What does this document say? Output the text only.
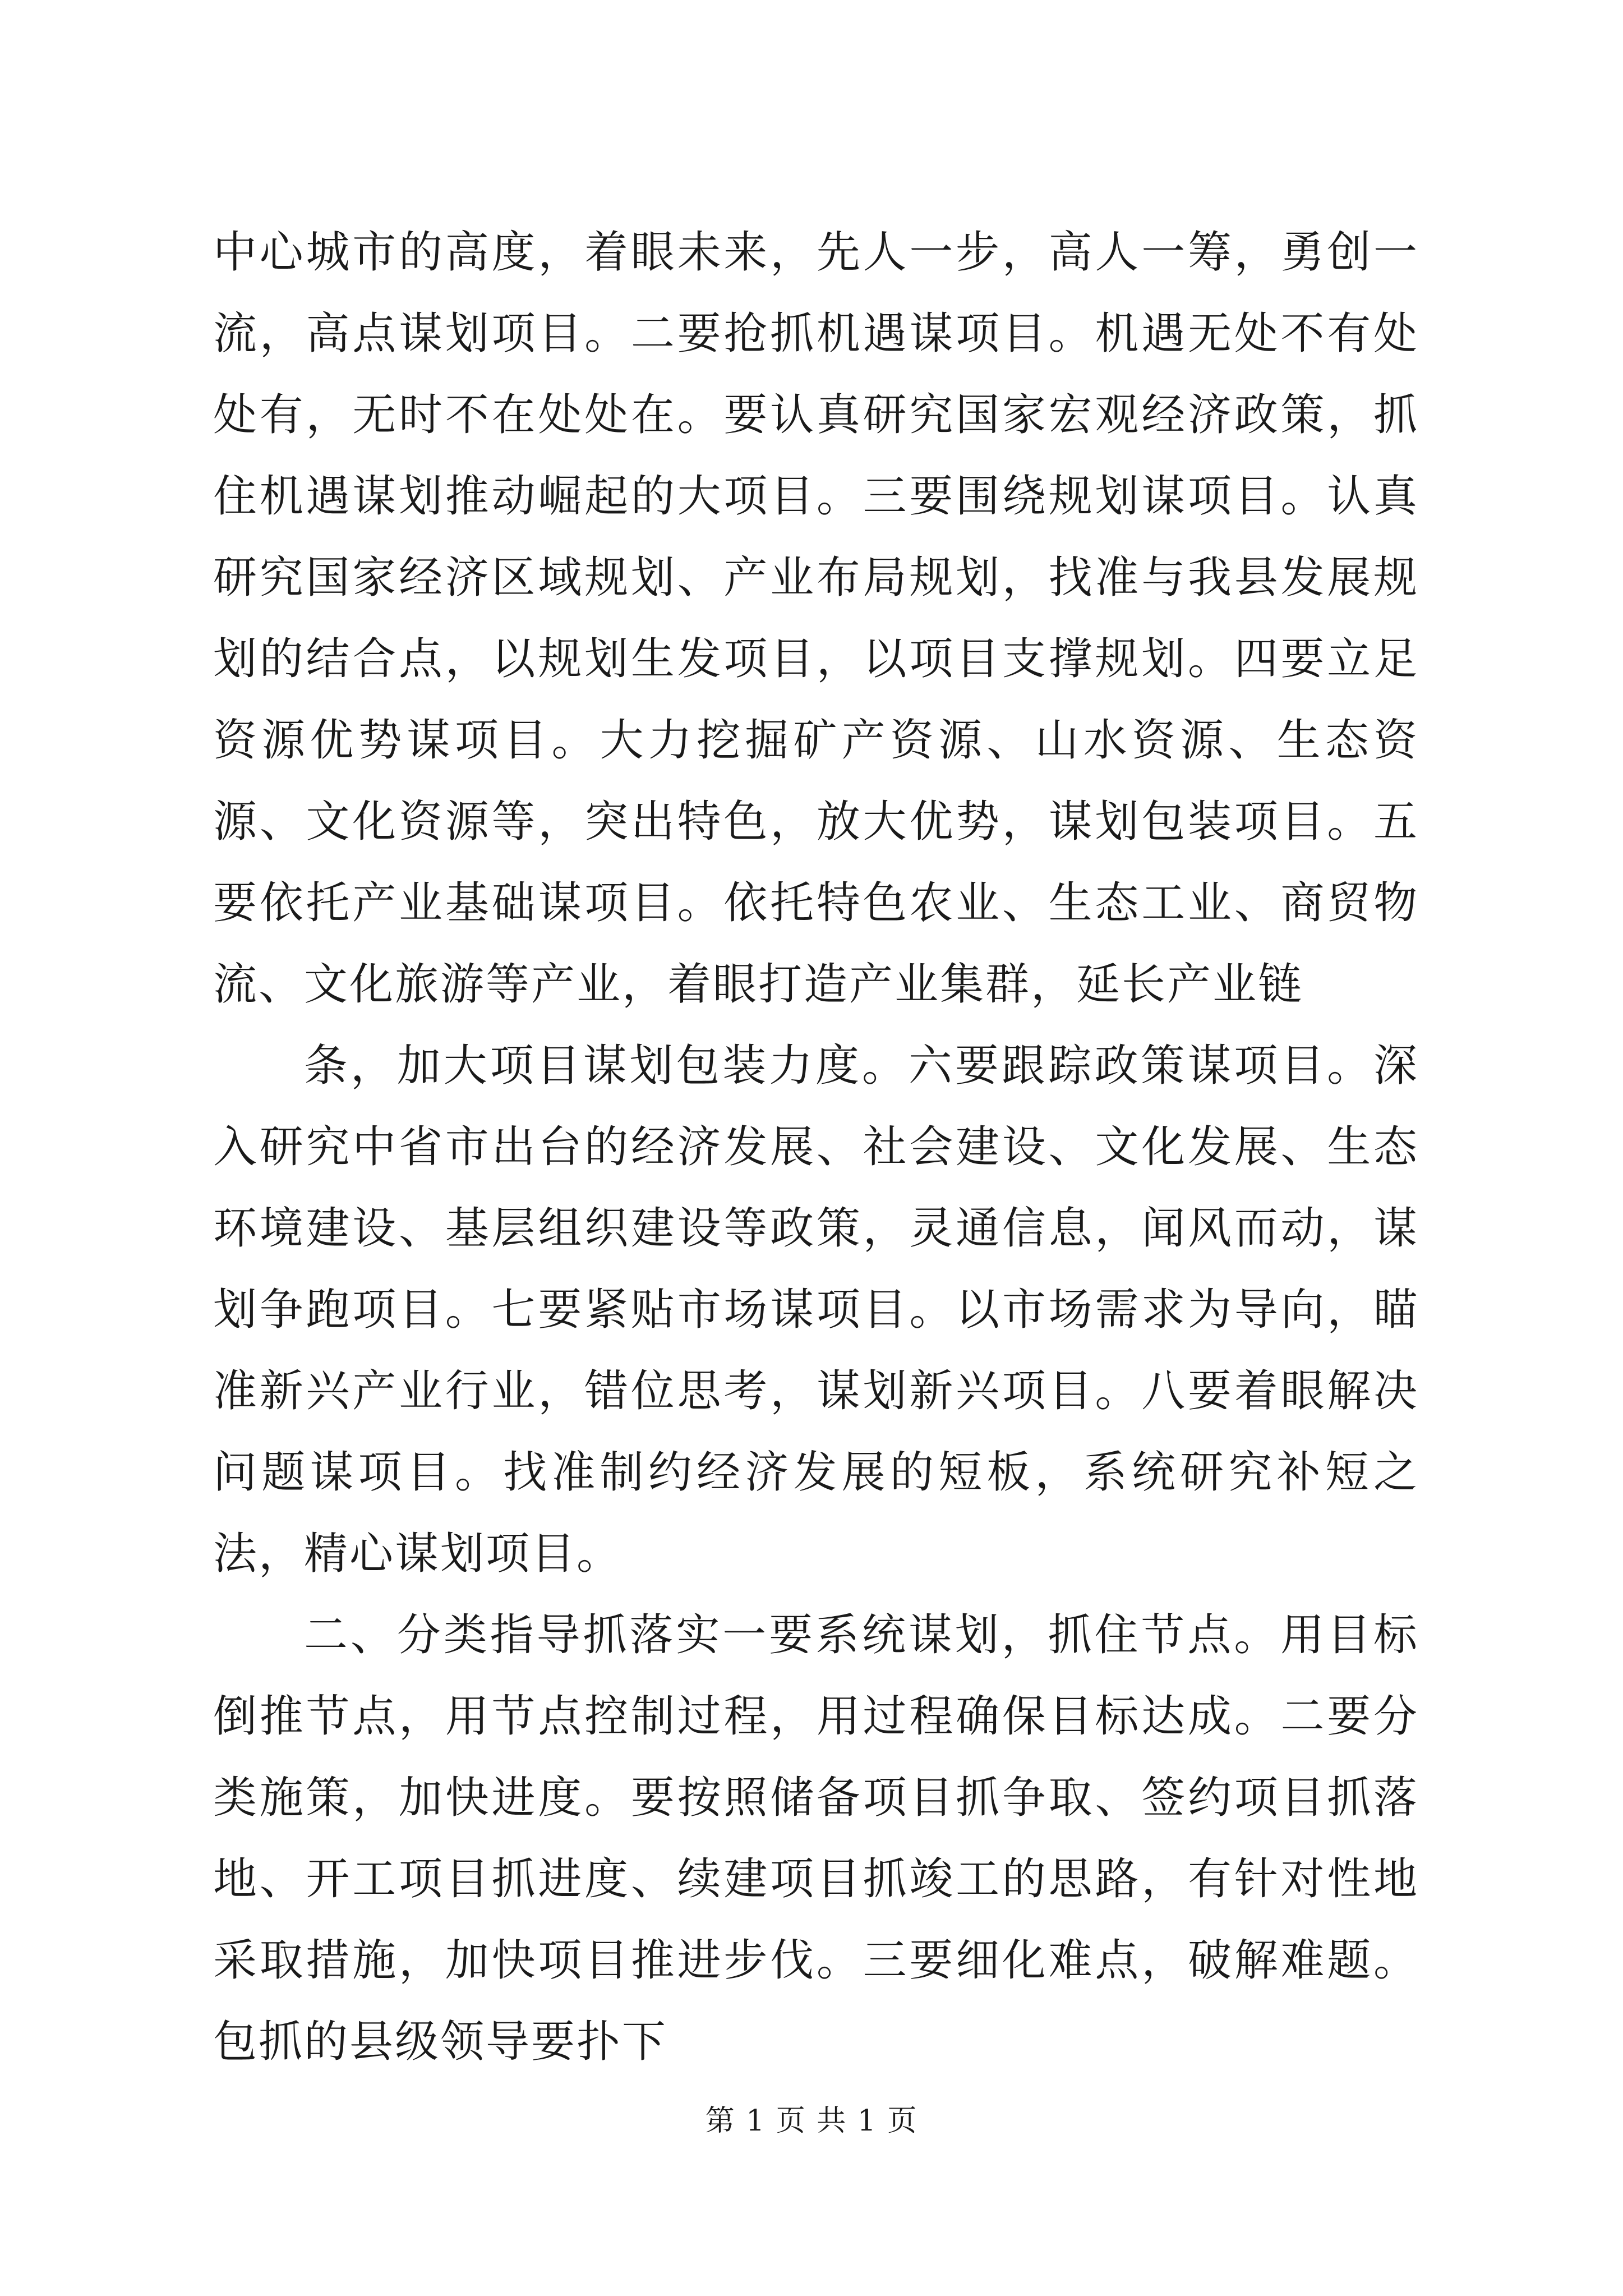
中心城市的高度，着眼未来，先人一步，高人一筹，勇创一流，高点谋划项目。二要抢抓机遇谋项目。机遇无处不有处处有，无时不在处处在。要认真研究国家宏观经济政策，抓住机遇谋划推动崛起的大项目。三要围绕规划谋项目。认真研究国家经济区域规划、产业布局规划，找准与我县发展规划的结合点，以规划生发项目，以项目支撑规划。四要立足资源优势谋项目。大力挖掘矿产资源、山水资源、生态资源、文化资源等，突出特色，放大优势，谋划包装项目。五要依托产业基础谋项目。依托特色农业、生态工业、商贸物流、文化旅游等产业，着眼打造产业集群，延长产业链

条，加大项目谋划包装力度。六要跟踪政策谋项目。深入研究中省市出台的经济发展、社会建设、文化发展、生态环境建设、基层组织建设等政策，灵通信息，闻风而动，谋划争跑项目。七要紧贴市场谋项目。以市场需求为导向，瞄准新兴产业行业，错位思考，谋划新兴项目。八要着眼解决问题谋项目。找准制约经济发展的短板，系统研究补短之法，精心谋划项目。

二、分类指导抓落实一要系统谋划，抓住节点。用目标倒推节点，用节点控制过程，用过程确保目标达成。二要分类施策，加快进度。要按照储备项目抓争取、签约项目抓落地、开工项目抓进度、续建项目抓竣工的思路，有针对性地采取措施，加快项目推进步伐。三要细化难点，破解难题。包抓的县级领导要扑下

第 1 页 共 1 页
